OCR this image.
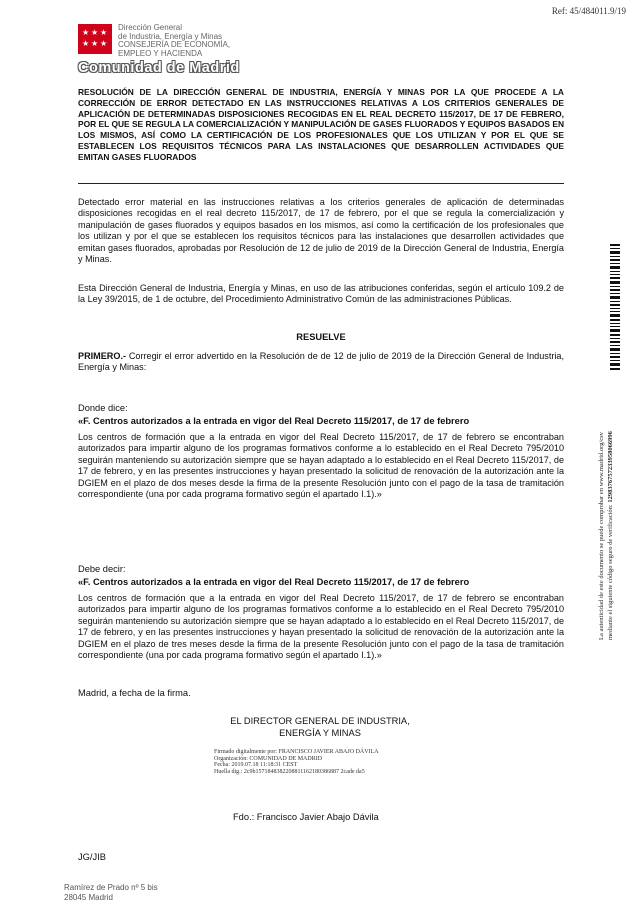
Ref: 45/484011.9/19
★ ★ ★
★ ★ ★
Dirección General
de Industria, Energía y Minas
CONSEJERÍA DE ECONOMÍA,
EMPLEO Y HACIENDA
Comunidad de Madrid
RESOLUCIÓN DE LA DIRECCIÓN GENERAL DE INDUSTRIA, ENERGÍA Y MINAS POR LA QUE PROCEDE A LA CORRECCIÓN DE ERROR DETECTADO EN LAS INSTRUCCIONES RELATIVAS A LOS CRITERIOS GENERALES DE APLICACIÓN DE DETERMINADAS DISPOSICIONES RECOGIDAS EN EL REAL DECRETO 115/2017, DE 17 DE FEBRERO, POR EL QUE SE REGULA LA COMERCIALIZACIÓN Y MANIPULACIÓN DE GASES FLUORADOS Y EQUIPOS BASADOS EN LOS MISMOS, ASÍ COMO LA CERTIFICACIÓN DE LOS PROFESIONALES QUE LOS UTILIZAN Y POR EL QUE SE ESTABLECEN LOS REQUISITOS TÉCNICOS PARA LAS INSTALACIONES QUE DESARROLLEN ACTIVIDADES QUE EMITAN GASES FLUORADOS
Detectado error material en las instrucciones relativas a los criterios generales de aplicación de determinadas disposiciones recogidas en el real decreto 115/2017, de 17 de febrero, por el que se regula la comercialización y manipulación de gases fluorados y equipos basados en los mismos, así como la certificación de los profesionales que los utilizan y por el que se establecen los requisitos técnicos para las instalaciones que desarrollen actividades que emitan gases fluorados, aprobadas por Resolución de 12 de julio de 2019 de la Dirección General de Industria, Energía y Minas.
Esta Dirección General de Industria, Energía y Minas, en uso de las atribuciones conferidas, según el artículo 109.2 de la Ley 39/2015, de 1 de octubre, del Procedimiento Administrativo Común de las administraciones Públicas.
RESUELVE
PRIMERO.- Corregir el error advertido en la Resolución de de 12 de julio de 2019 de la Dirección General de Industria, Energía y Minas:
Donde dice:
«F. Centros autorizados a la entrada en vigor del Real Decreto 115/2017, de 17 de febrero
Los centros de formación que a la entrada en vigor del Real Decreto 115/2017, de 17 de febrero se encontraban autorizados para impartir alguno de los programas formativos conforme a lo establecido en el Real Decreto 795/2010 seguirán manteniendo su autorización siempre que se hayan adaptado a lo establecido en el Real Decreto 115/2017, de 17 de febrero, y en las presentes instrucciones y hayan presentado la solicitud de renovación de la autorización ante la DGIEM en el plazo de dos meses desde la firma de la presente Resolución junto con el pago de la tasa de tramitación correspondiente (una por cada programa formativo según el apartado I.1).»
Debe decir:
«F. Centros autorizados a la entrada en vigor del Real Decreto 115/2017, de 17 de febrero
Los centros de formación que a la entrada en vigor del Real Decreto 115/2017, de 17 de febrero se encontraban autorizados para impartir alguno de los programas formativos conforme a lo establecido en el Real Decreto 795/2010 seguirán manteniendo su autorización siempre que se hayan adaptado a lo establecido en el Real Decreto 115/2017, de 17 de febrero, y en las presentes instrucciones y hayan presentado la solicitud de renovación de la autorización ante la DGIEM en el plazo de tres meses desde la firma de la presente Resolución junto con el pago de la tasa de tramitación correspondiente (una por cada programa formativo según el apartado I.1).»
Madrid, a fecha de la firma.
EL DIRECTOR GENERAL DE INDUSTRIA,
ENERGÍA Y MINAS
Firmado digitalmente por: FRANCISCO JAVIER ABAJO DÁVILA
Organización: COMUNIDAD DE MADRID
Fecha: 2019.07.18 11:18:31 CEST
Huella dig.: 2c9b1571848382208811162180386887 2cade da5
Fdo.: Francisco Javier Abajo Dávila
JG/JIB
Ramírez de Prado nº 5 bis
28045 Madrid
La autenticidad de este documento se puede comprobar en www.madrid.org/csv mediante el siguiente código seguro de verificación: 1298376757233958066996
